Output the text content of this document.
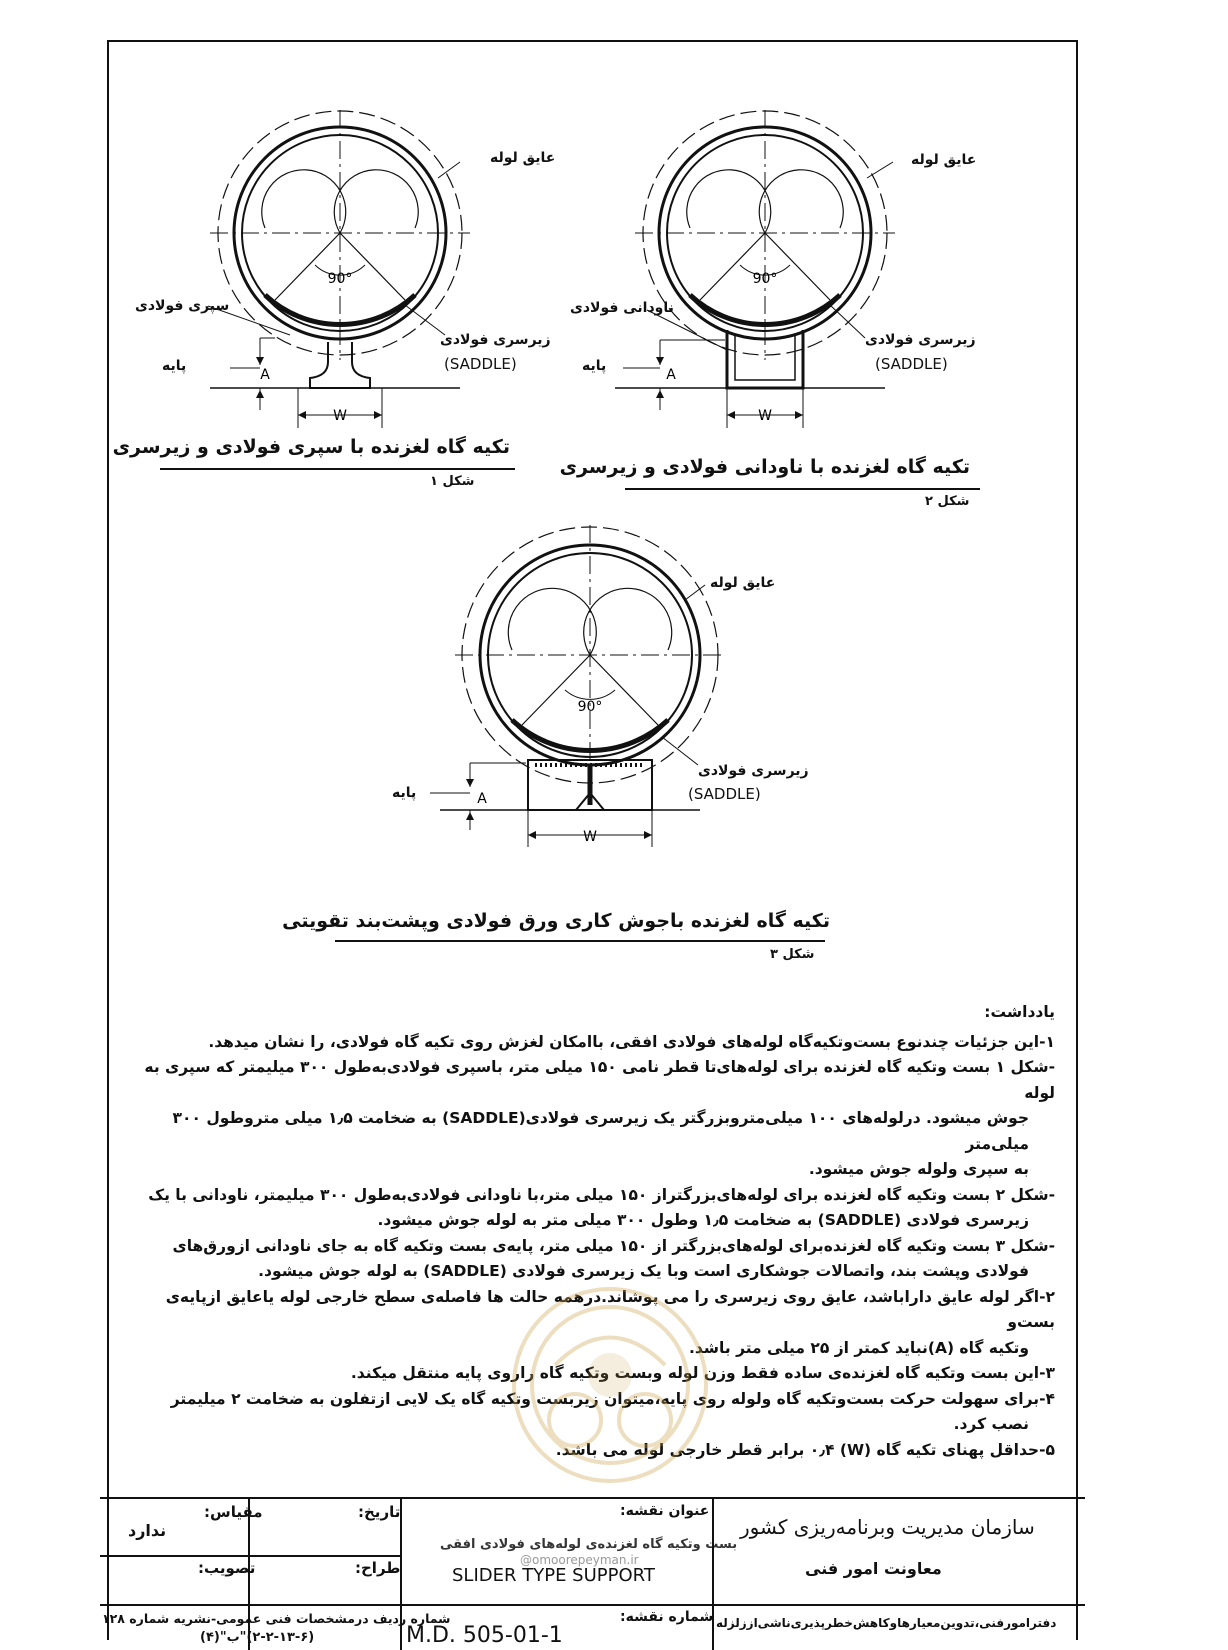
90°
A
W
عایق لوله
سپری فولادی
زیرسری فولادی
(SADDLE)
پایه
تکیه گاه لغزنده با سپری فولادی و زیرسری
شکل ۱
90°
A
W
عایق لوله
ناودانی فولادی
زیرسری فولادی
(SADDLE)
پایه
تکیه گاه لغزنده با ناودانی فولادی و زیرسری
شکل ۲
90°
A
W
عایق لوله
زیرسری فولادی
(SADDLE)
پایه
تکیه گاه لغزنده باجوش کاری ورق فولادی وپشت‌بند تقویتی
شکل ۳

یادداشت:

۱-این جزئیات چندنوع بست‌وتکیه‌گاه لوله‌های فولادی افقی، باامکان لغزش روی تکیه گاه فولادی، را نشان میدهد.

-شکل ۱ بست وتکیه گاه لغزنده برای لوله‌های‌تا قطر نامی ۱۵۰ میلی متر، باسپری فولادی‌به‌طول ۳۰۰ میلیمتر که سپری به لوله

جوش میشود. درلوله‌های ۱۰۰ میلی‌متروبزرگتر یک زیرسری فولادی(SADDLE) به ضخامت ۱٫۵ میلی متروطول ۳۰۰ میلی‌متر

به سپری ولوله جوش میشود.

-شکل ۲ بست وتکیه گاه لغزنده برای لوله‌های‌بزرگتراز ۱۵۰ میلی متر،با ناودانی فولادی‌به‌طول ۳۰۰ میلیمتر، ناودانی با یک

زیرسری فولادی (SADDLE) به ضخامت ۱٫۵ وطول ۳۰۰ میلی متر به لوله جوش میشود.

-شکل ۳ بست وتکیه گاه لغزنده‌برای لوله‌های‌بزرگتر از ۱۵۰ میلی متر، پایه‌ی بست وتکیه گاه به جای ناودانی ازورق‌های

فولادی وپشت بند، واتصالات جوشکاری است وبا یک زیرسری فولادی (SADDLE) به لوله جوش میشود.

۲-اگر لوله عایق داراباشد، عایق روی زیرسری را می پوشاند.درهمه حالت ها فاصله‌ی سطح خارجی لوله یاعایق ازپایه‌ی بست‌و

وتکیه گاه (A)نباید کمتر از ۲۵ میلی متر باشد.

۳-این بست وتکیه گاه لغزنده‌ی ساده فقط وزن لوله وبست وتکیه گاه راروی پایه منتقل میکند.

۴-برای سهولت حرکت بست‌وتکیه گاه ولوله روی پایه،میتوان زیربست وتکیه گاه یک لایی ازتفلون به ضخامت ۲ میلیمتر

نصب کرد.

۵-حداقل پهنای تکیه گاه (W) ۰٫۴ برابر قطر خارجی لوله می باشد.

مقیاس:
ندارد
تصویب:
تاریخ:
طراح:
عنوان نقشه:
بست وتکیه گاه لغزنده‌ی لوله‌های فولادی افقی
SLIDER TYPE SUPPORT
@omoorepeyman.ir
سازمان مدیریت وبرنامه‌ریزی کشور
معاونت امور فنی
شماره ردیف درمشخصات فنی عمومی-نشریه شماره ۱۲۸
(۲-۲-۱۳-۶)"ب"(۴)
شماره نقشه:
M.D. 505-01-1	دفترامورفنی،تدوین‌معیارهاوکاهش‌خطرپذیری‌ناشی‌اززلزله
